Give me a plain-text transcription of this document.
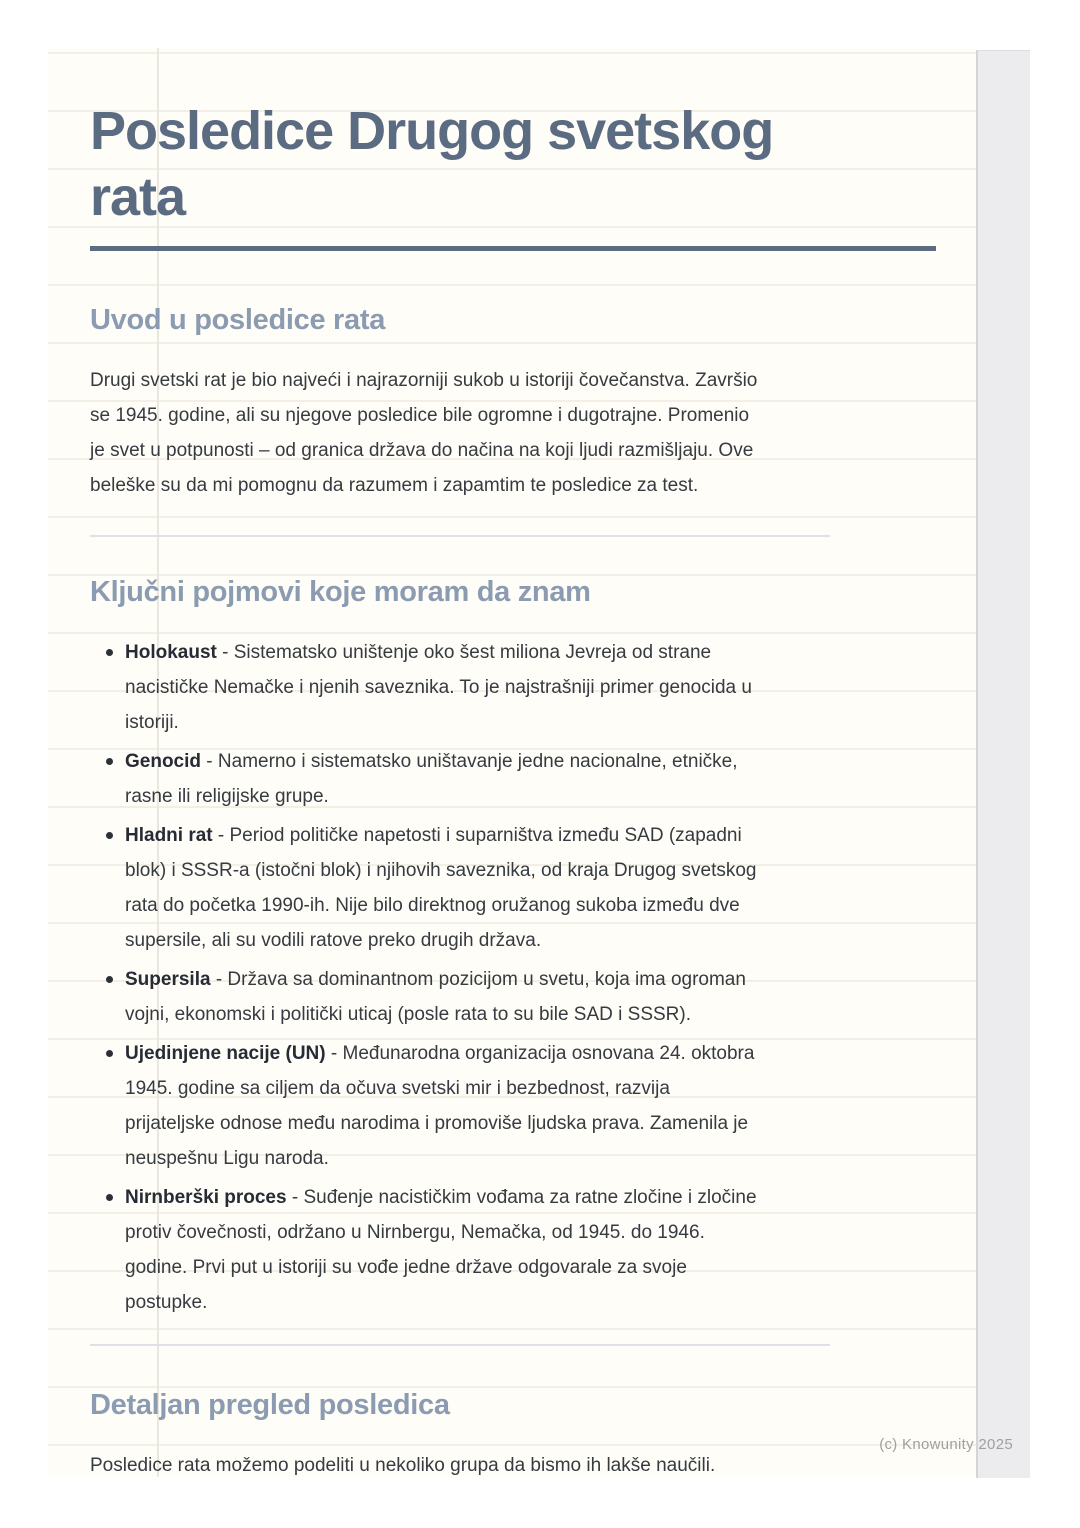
Posledice Drugog svetskog
rata
Uvod u posledice rata
Drugi svetski rat je bio najveći i najrazorniji sukob u istoriji čovečanstva. Završio
se 1945. godine, ali su njegove posledice bile ogromne i dugotrajne. Promenio
je svet u potpunosti – od granica država do načina na koji ljudi razmišljaju. Ove
beleške su da mi pomognu da razumem i zapamtim te posledice za test.
Ključni pojmovi koje moram da znam
Holokaust - Sistematsko uništenje oko šest miliona Jevreja od strane
nacističke Nemačke i njenih saveznika. To je najstrašniji primer genocida u
istoriji.
Genocid - Namerno i sistematsko uništavanje jedne nacionalne, etničke,
rasne ili religijske grupe.
Hladni rat - Period političke napetosti i suparništva između SAD (zapadni
blok) i SSSR-a (istočni blok) i njihovih saveznika, od kraja Drugog svetskog
rata do početka 1990-ih. Nije bilo direktnog oružanog sukoba između dve
supersile, ali su vodili ratove preko drugih država.
Supersila - Država sa dominantnom pozicijom u svetu, koja ima ogroman
vojni, ekonomski i politički uticaj (posle rata to su bile SAD i SSSR).
Ujedinjene nacije (UN) - Međunarodna organizacija osnovana 24. oktobra
1945. godine sa ciljem da očuva svetski mir i bezbednost, razvija
prijateljske odnose među narodima i promoviše ljudska prava. Zamenila je
neuspešnu Ligu naroda.
Nirnberški proces - Suđenje nacističkim vođama za ratne zločine i zločine
protiv čovečnosti, održano u Nirnbergu, Nemačka, od 1945. do 1946.
godine. Prvi put u istoriji su vođe jedne države odgovarale za svoje
postupke.
Detaljan pregled posledica
Posledice rata možemo podeliti u nekoliko grupa da bismo ih lakše naučili.
(c) Knowunity 2025
